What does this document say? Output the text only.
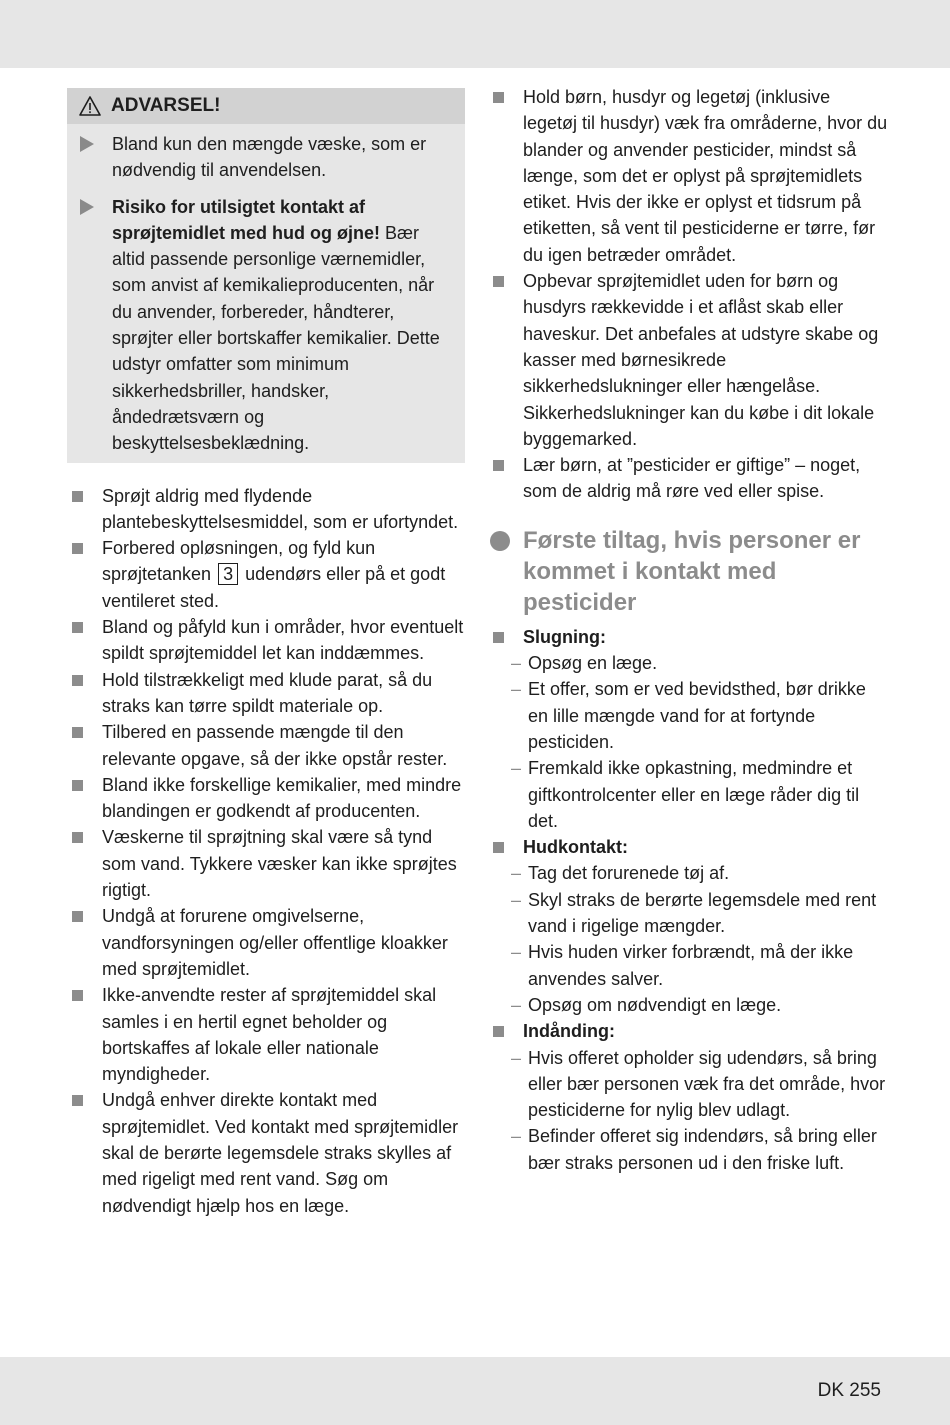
ADVARSEL!
Bland kun den mængde væske, som er nødvendig til anvendelsen.
Risiko for utilsigtet kontakt af sprøjtemidlet med hud og øjne! Bær altid passende personlige værnemidler, som anvist af kemikalieproducenten, når du anvender, forbereder, håndterer, sprøjter eller bortskaffer kemikalier. Dette udstyr omfatter som minimum sikkerhedsbriller, handsker, åndedrætsværn og beskyttelsesbeklædning.
Sprøjt aldrig med flydende plantebeskyttelsesmiddel, som er ufortyndet.
Forbered opløsningen, og fyld kun sprøjtetanken 3 udendørs eller på et godt ventileret sted.
Bland og påfyld kun i områder, hvor eventuelt spildt sprøjtemiddel let kan inddæmmes.
Hold tilstrækkeligt med klude parat, så du straks kan tørre spildt materiale op.
Tilbered en passende mængde til den relevante opgave, så der ikke opstår rester.
Bland ikke forskellige kemikalier, med mindre blandingen er godkendt af producenten.
Væskerne til sprøjtning skal være så tynd som vand. Tykkere væsker kan ikke sprøjtes rigtigt.
Undgå at forurene omgivelserne, vandforsyningen og/eller offentlige kloakker med sprøjtemidlet.
Ikke-anvendte rester af sprøjtemiddel skal samles i en hertil egnet beholder og bortskaffes af lokale eller nationale myndigheder.
Undgå enhver direkte kontakt med sprøjtemidlet. Ved kontakt med sprøjtemidler skal de berørte legemsdele straks skylles af med rigeligt med rent vand. Søg om nødvendigt hjælp hos en læge.
Hold børn, husdyr og legetøj (inklusive legetøj til husdyr) væk fra områderne, hvor du blander og anvender pesticider, mindst så længe, som det er oplyst på sprøjtemidlets etiket. Hvis der ikke er oplyst et tidsrum på etiketten, så vent til pesticiderne er tørre, før du igen betræder området.
Opbevar sprøjtemidlet uden for børn og husdyrs rækkevidde i et aflåst skab eller haveskur. Det anbefales at udstyre skabe og kasser med børnesikrede sikkerhedslukninger eller hængelåse. Sikkerhedslukninger kan du købe i dit lokale byggemarked.
Lær børn, at ”pesticider er giftige” – noget, som de aldrig må røre ved eller spise.
Første tiltag, hvis personer er kommet i kontakt med pesticider
Slugning:
– Opsøg en læge.
– Et offer, som er ved bevidsthed, bør drikke en lille mængde vand for at fortynde pesticiden.
– Fremkald ikke opkastning, medmindre et giftkontrolcenter eller en læge råder dig til det.
Hudkontakt:
– Tag det forurenede tøj af.
– Skyl straks de berørte legemsdele med rent vand i rigelige mængder.
– Hvis huden virker forbrændt, må der ikke anvendes salver.
– Opsøg om nødvendigt en læge.
Indånding:
– Hvis offeret opholder sig udendørs, så bring eller bær personen væk fra det område, hvor pesticiderne for nylig blev udlagt.
– Befinder offeret sig indendørs, så bring eller bær straks personen ud i den friske luft.
DK 255
